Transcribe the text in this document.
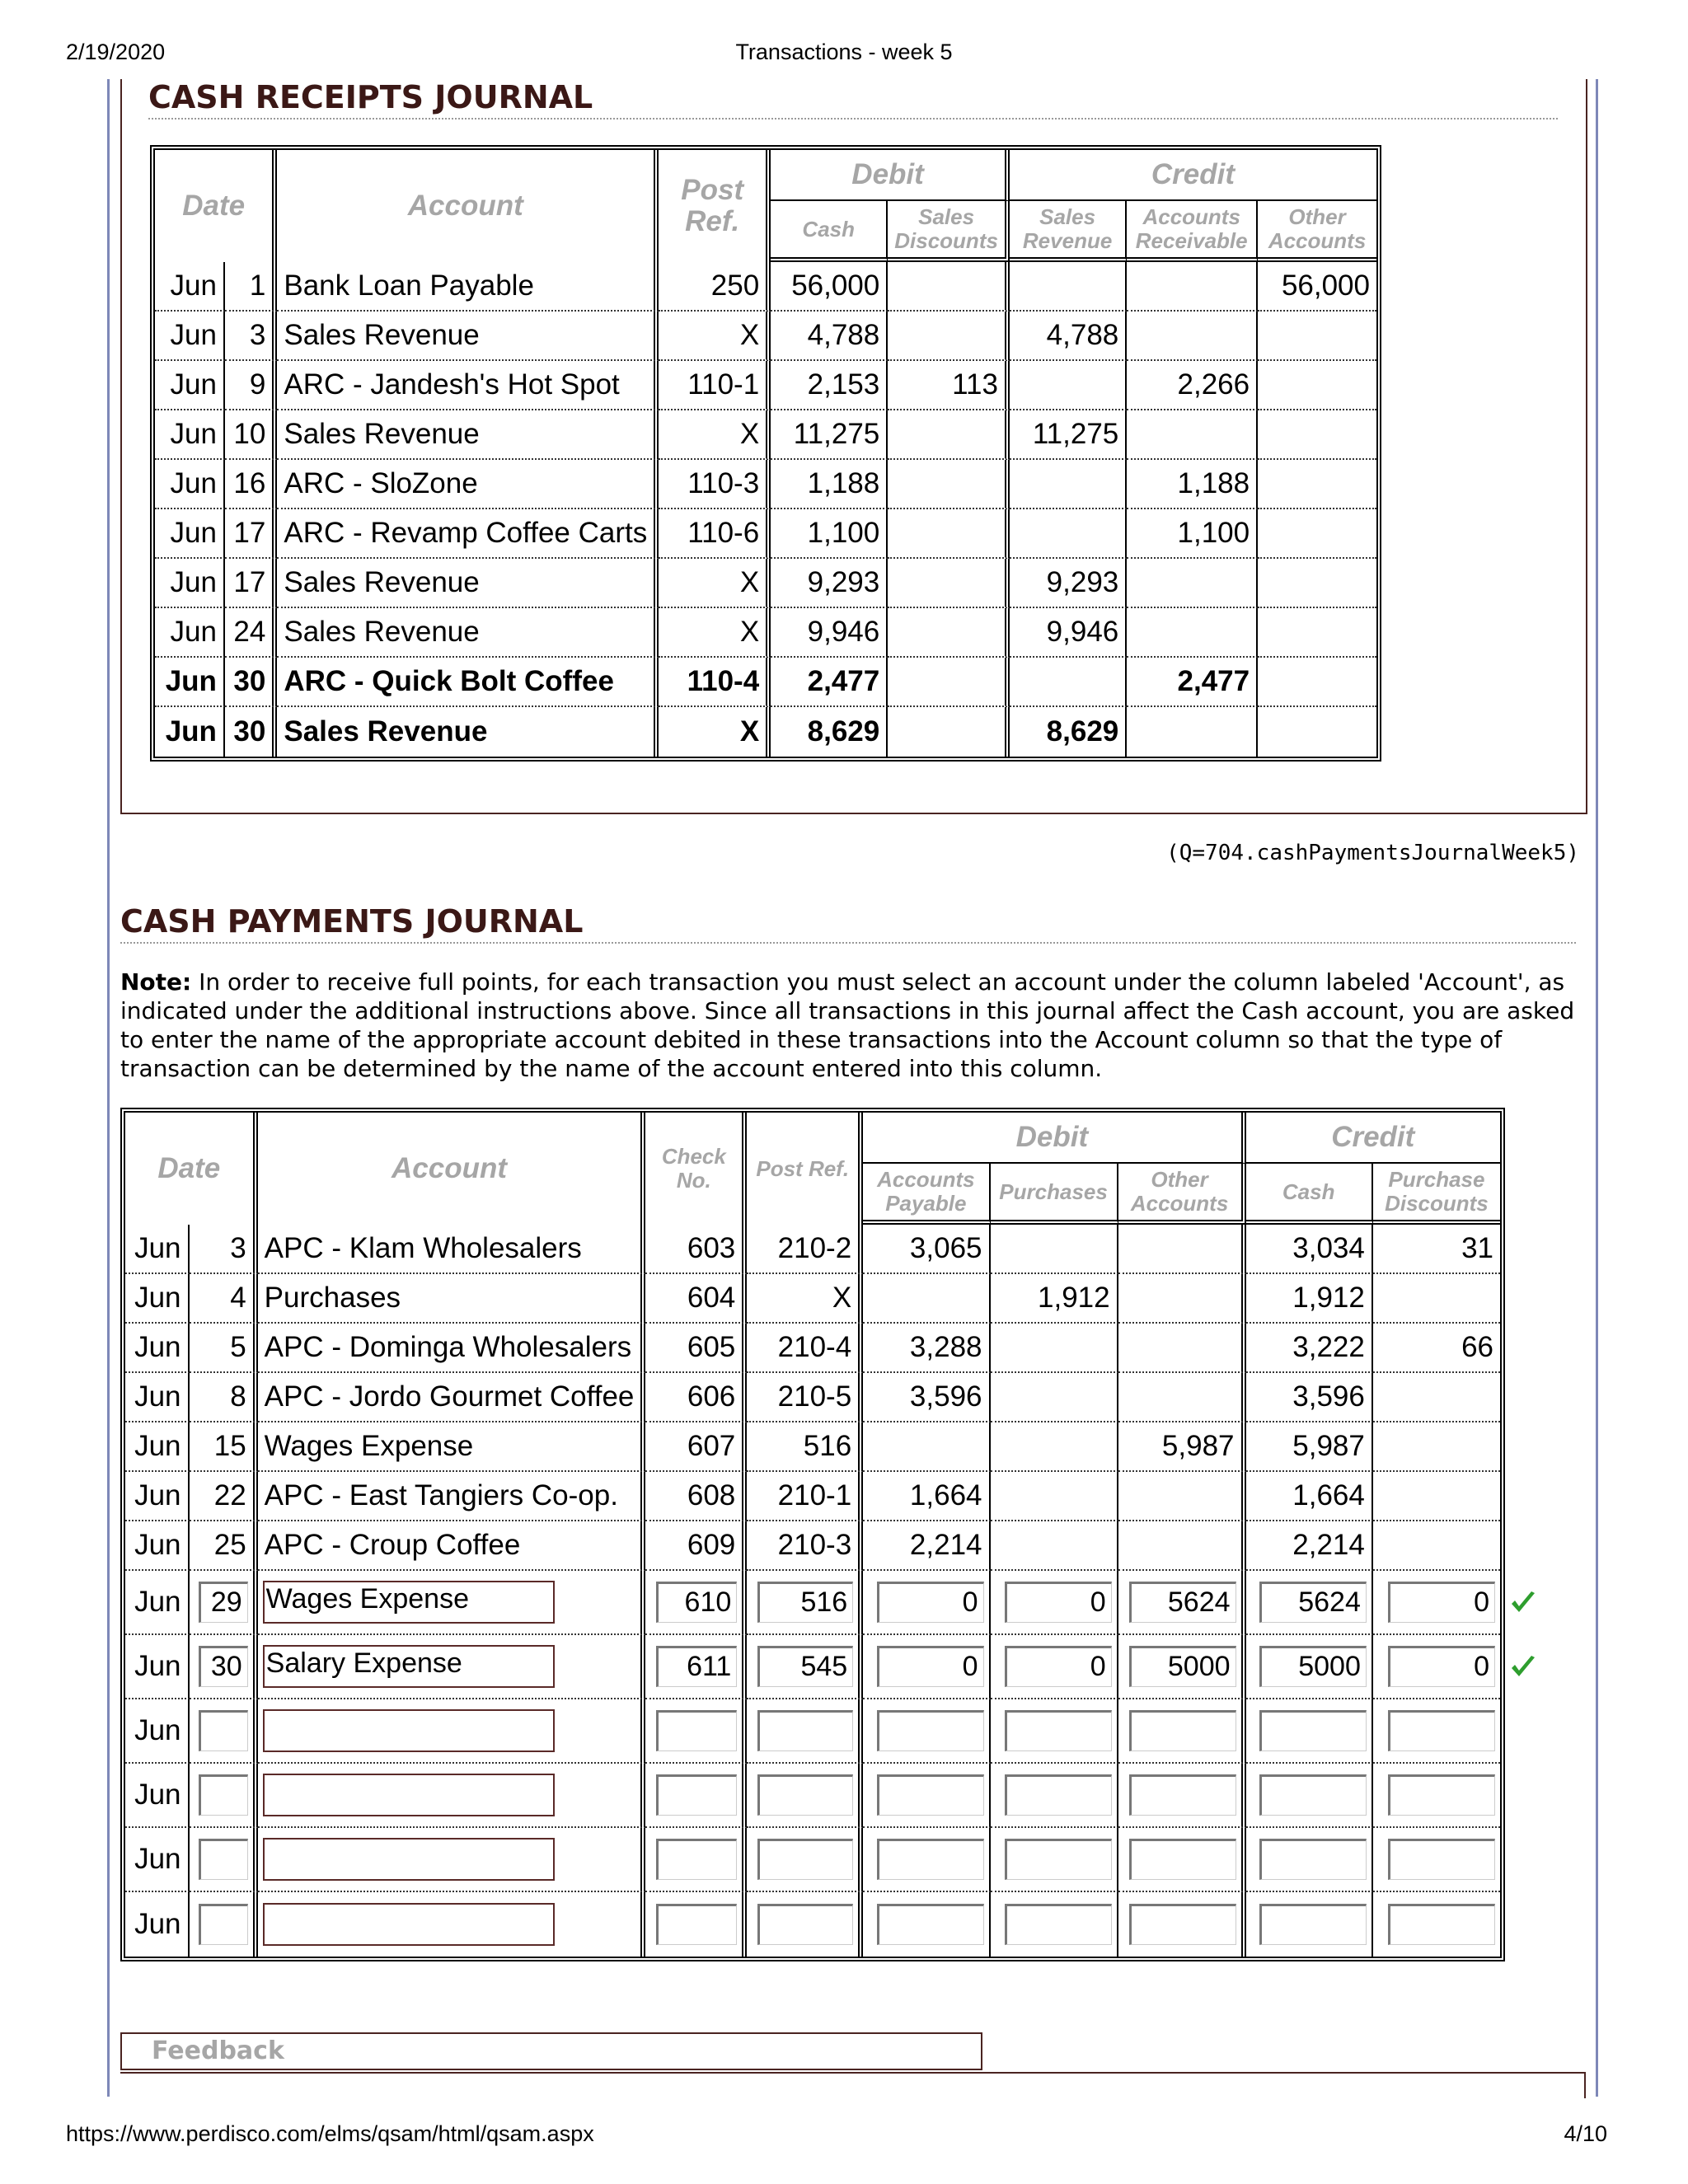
2/19/2020	Transactions - week 5
https://www.perdisco.com/elms/qsam/html/qsam.aspx	4/10
CASH RECEIPTS JOURNAL
Date		Account	Post Ref.	Debit		Credit		
				Cash	Sales Discounts	Sales Revenue	Accounts Receivable	Other Accounts
Jun	1	Bank Loan Payable	250	56,000				56,000
Jun	3	Sales Revenue	X	4,788		4,788		
Jun	9	ARC - Jandesh's Hot Spot	110-1	2,153	113		2,266	
Jun	10	Sales Revenue	X	11,275		11,275		
Jun	16	ARC - SloZone	110-3	1,188			1,188	
Jun	17	ARC - Revamp Coffee Carts	110-6	1,100			1,100	
Jun	17	Sales Revenue	X	9,293		9,293		
Jun	24	Sales Revenue	X	9,946		9,946		
Jun	30	ARC - Quick Bolt Coffee	110-4	2,477			2,477	
Jun	30	Sales Revenue	X	8,629		8,629		
(Q=704.cashPaymentsJournalWeek5)
CASH PAYMENTS JOURNAL
Note: In order to receive full points, for each transaction you must select an account under the column labeled 'Account', as indicated under the additional instructions above. Since all transactions in this journal affect the Cash account, you are asked to enter the name of the appropriate account debited in these transactions into the Account column so that the type of transaction can be determined by the name of the account entered into this column.
Date		Account	Check No.	Post Ref.	Debit			Credit	
					Accounts Payable	Purchases	Other Accounts	Cash	Purchase Discounts
Jun	3	APC - Klam Wholesalers	603	210-2	3,065			3,034	31
Jun	4	Purchases	604	X		1,912		1,912	
Jun	5	APC - Dominga Wholesalers	605	210-4	3,288			3,222	66
Jun	8	APC - Jordo Gourmet Coffee	606	210-5	3,596			3,596	
Jun	15	Wages Expense	607	516			5,987	5,987	
Jun	22	APC - East Tangiers Co-op.	608	210-1	1,664			1,664	
Jun	25	APC - Croup Coffee	609	210-3	2,214			2,214	
Jun	29	Wages Expense	610	516	0	0	5624	5624	0
Jun	30	Salary Expense	611	545	0	0	5000	5000	0
Jun									
Jun									
Jun									
Jun									
Feedback
